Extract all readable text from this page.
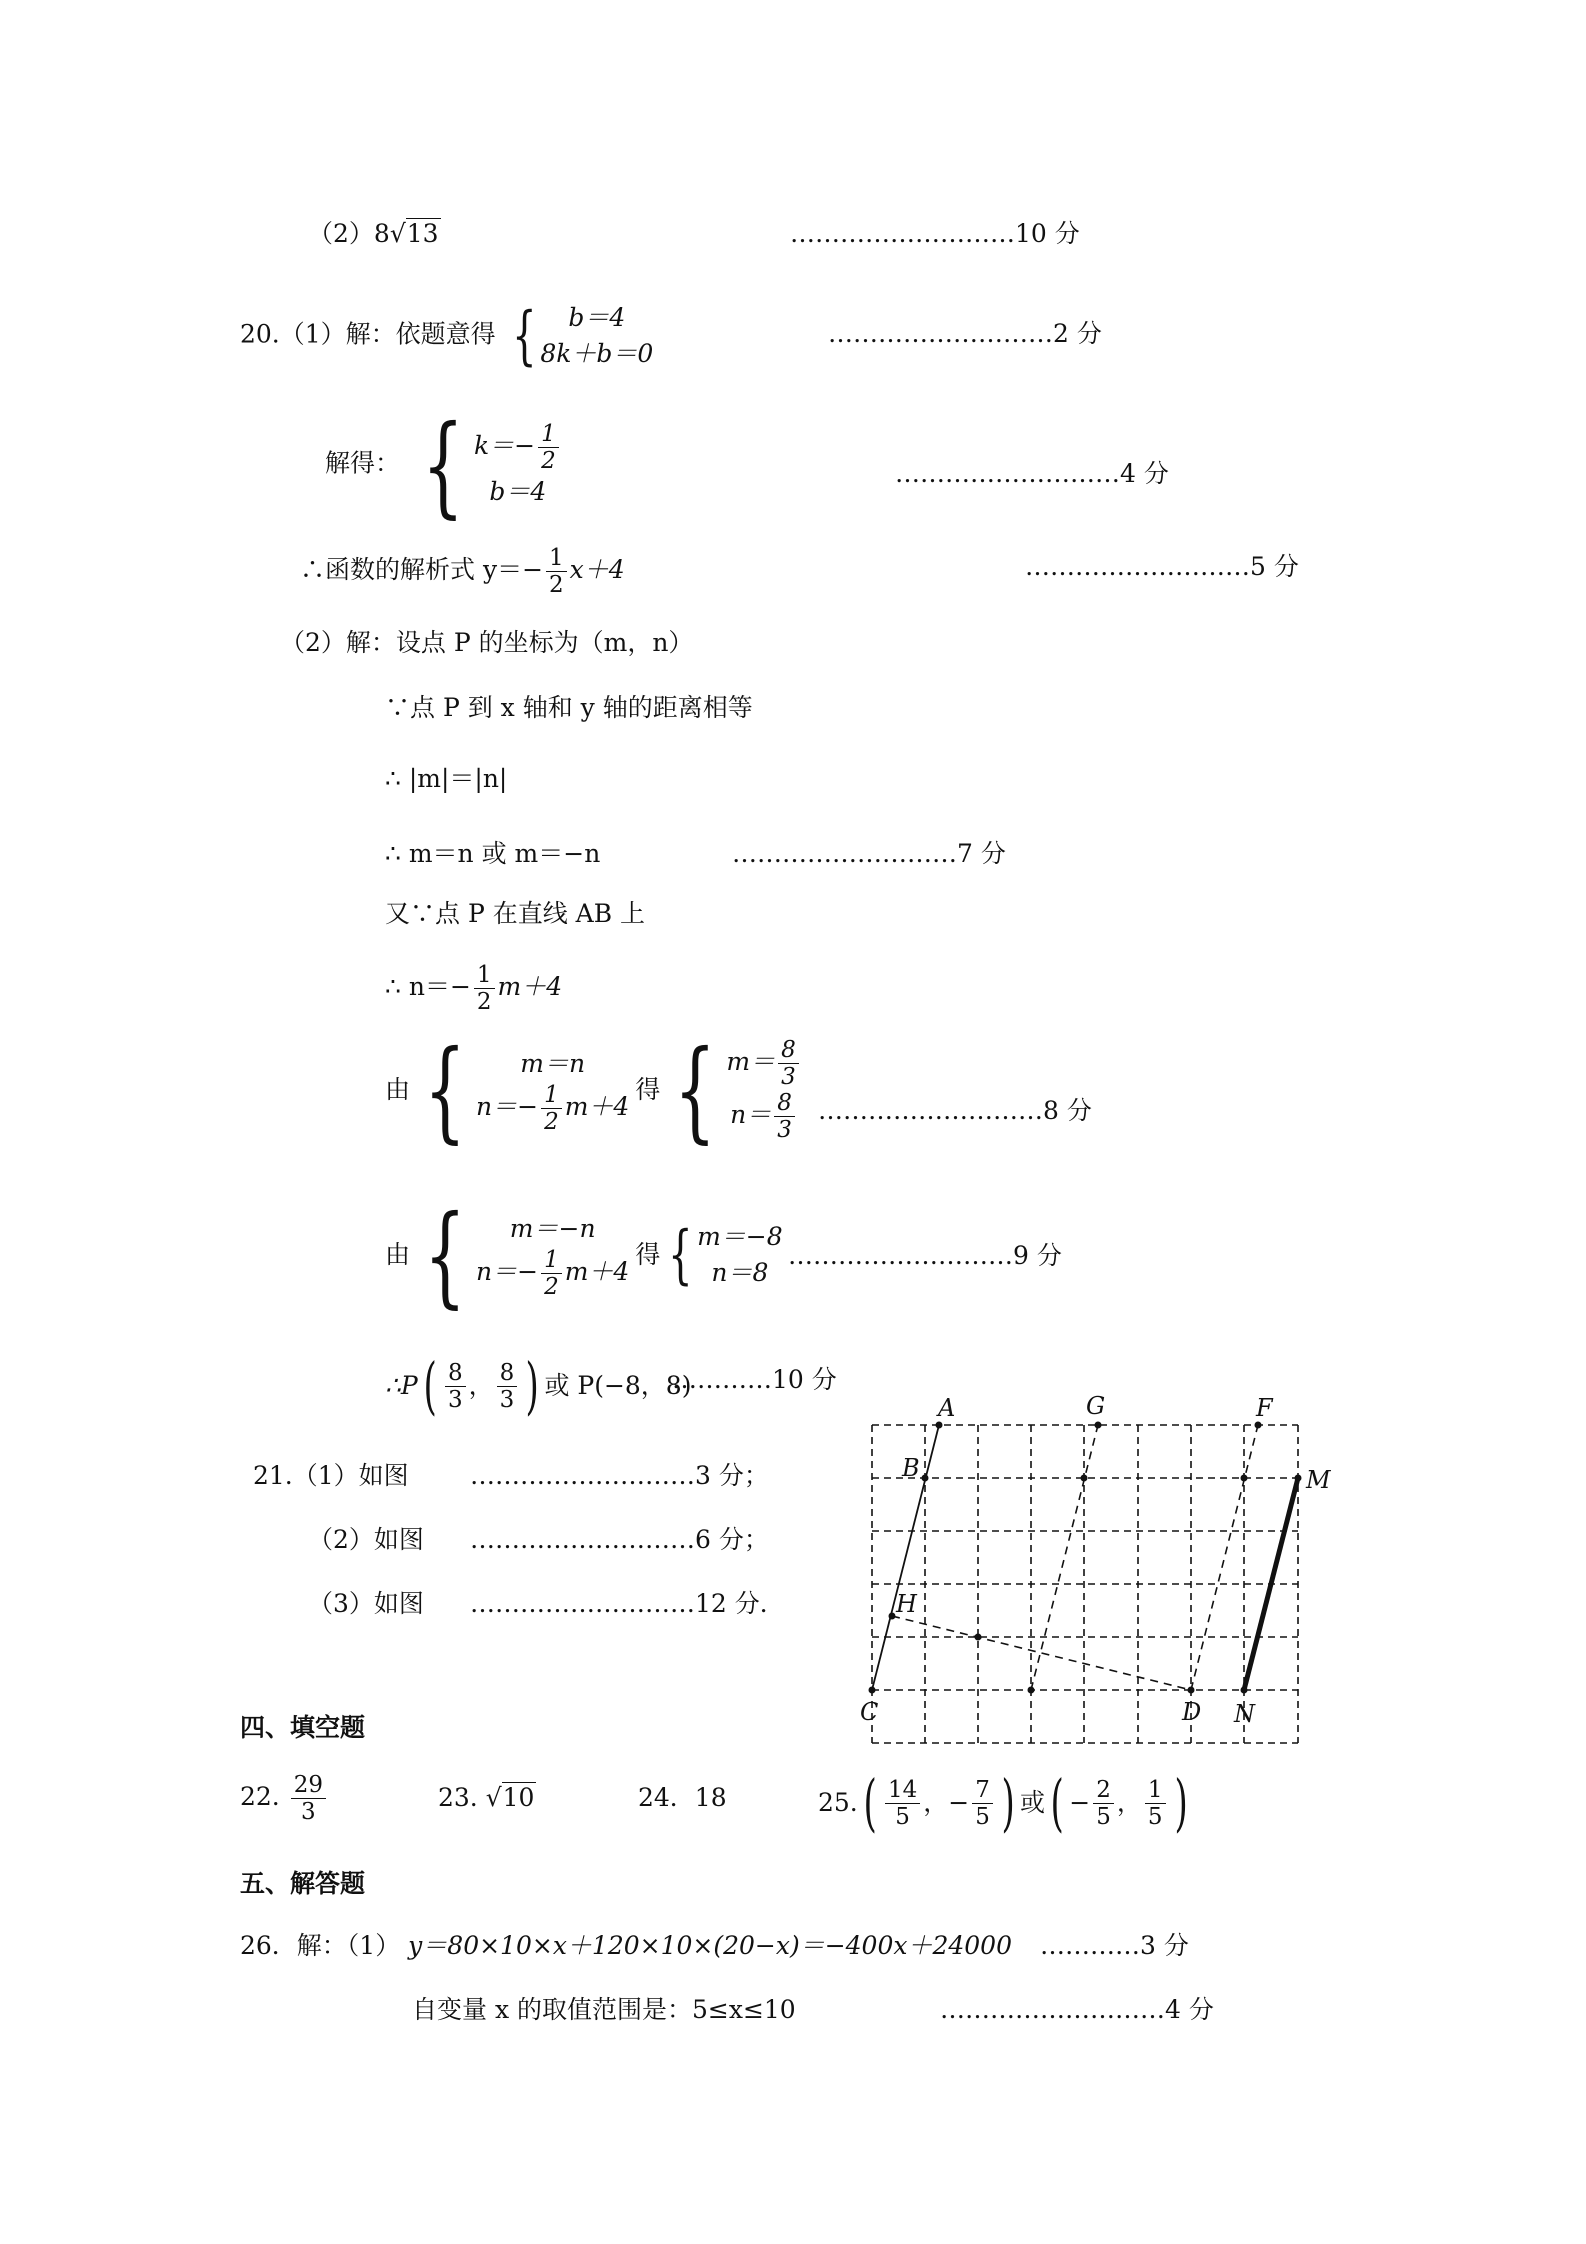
（2）8√13	………………………10 分
20.（1）解：依题意得 {	b＝4
8k＋b＝0
………………………2 分
解得： { $k=- \frac{1}{2}$
b＝4
………………………4 分
∴函数的解析式 $y=- \frac{1}{2} x+4$	………………………5 分
（2）解：设点 P 的坐标为（m，n）
∵点 P 到 x 轴和 y 轴的距离相等
∴ |m|＝|n|
∴ m＝n 或 m＝−n	………………………7 分
又∵点 P 在直线 AB 上
∴ $n=- \frac{1}{2} m+4$
由 {	m＝n
$n=- \frac{1}{2} m+4$
得 { $m= \frac{8}{3}$
$n= \frac{8}{3}$ ………………………8 分
由 {	m＝−n
$n=- \frac{1}{2} m+4$
得 { m＝−8
n＝8
………………………9 分
∴P ( $\frac{8}{3}$ ， $\frac{8}{3}$ ) 或 P(−8，8)
…………10 分
21.（1）如图 ………………………3 分；
（2）如图 ………………………6 分；
（3）如图 ………………………12 分．
A
B
C	D
F
G
H
M
N
四、填空题
22. $\frac{29}{3}$	23. √10	24．18	25. ( $\frac{14}{5}$ ，− $\frac{7}{5}$ ) 或 ( − $\frac{2}{5}$ ， $\frac{1}{5}$ )
五、解答题
26．解：（1） y＝80×10×x＋120×10×(20−x)＝−400x＋24000 …………3 分
自变量 x 的取值范围是：5≤x≤10	………………………4 分
